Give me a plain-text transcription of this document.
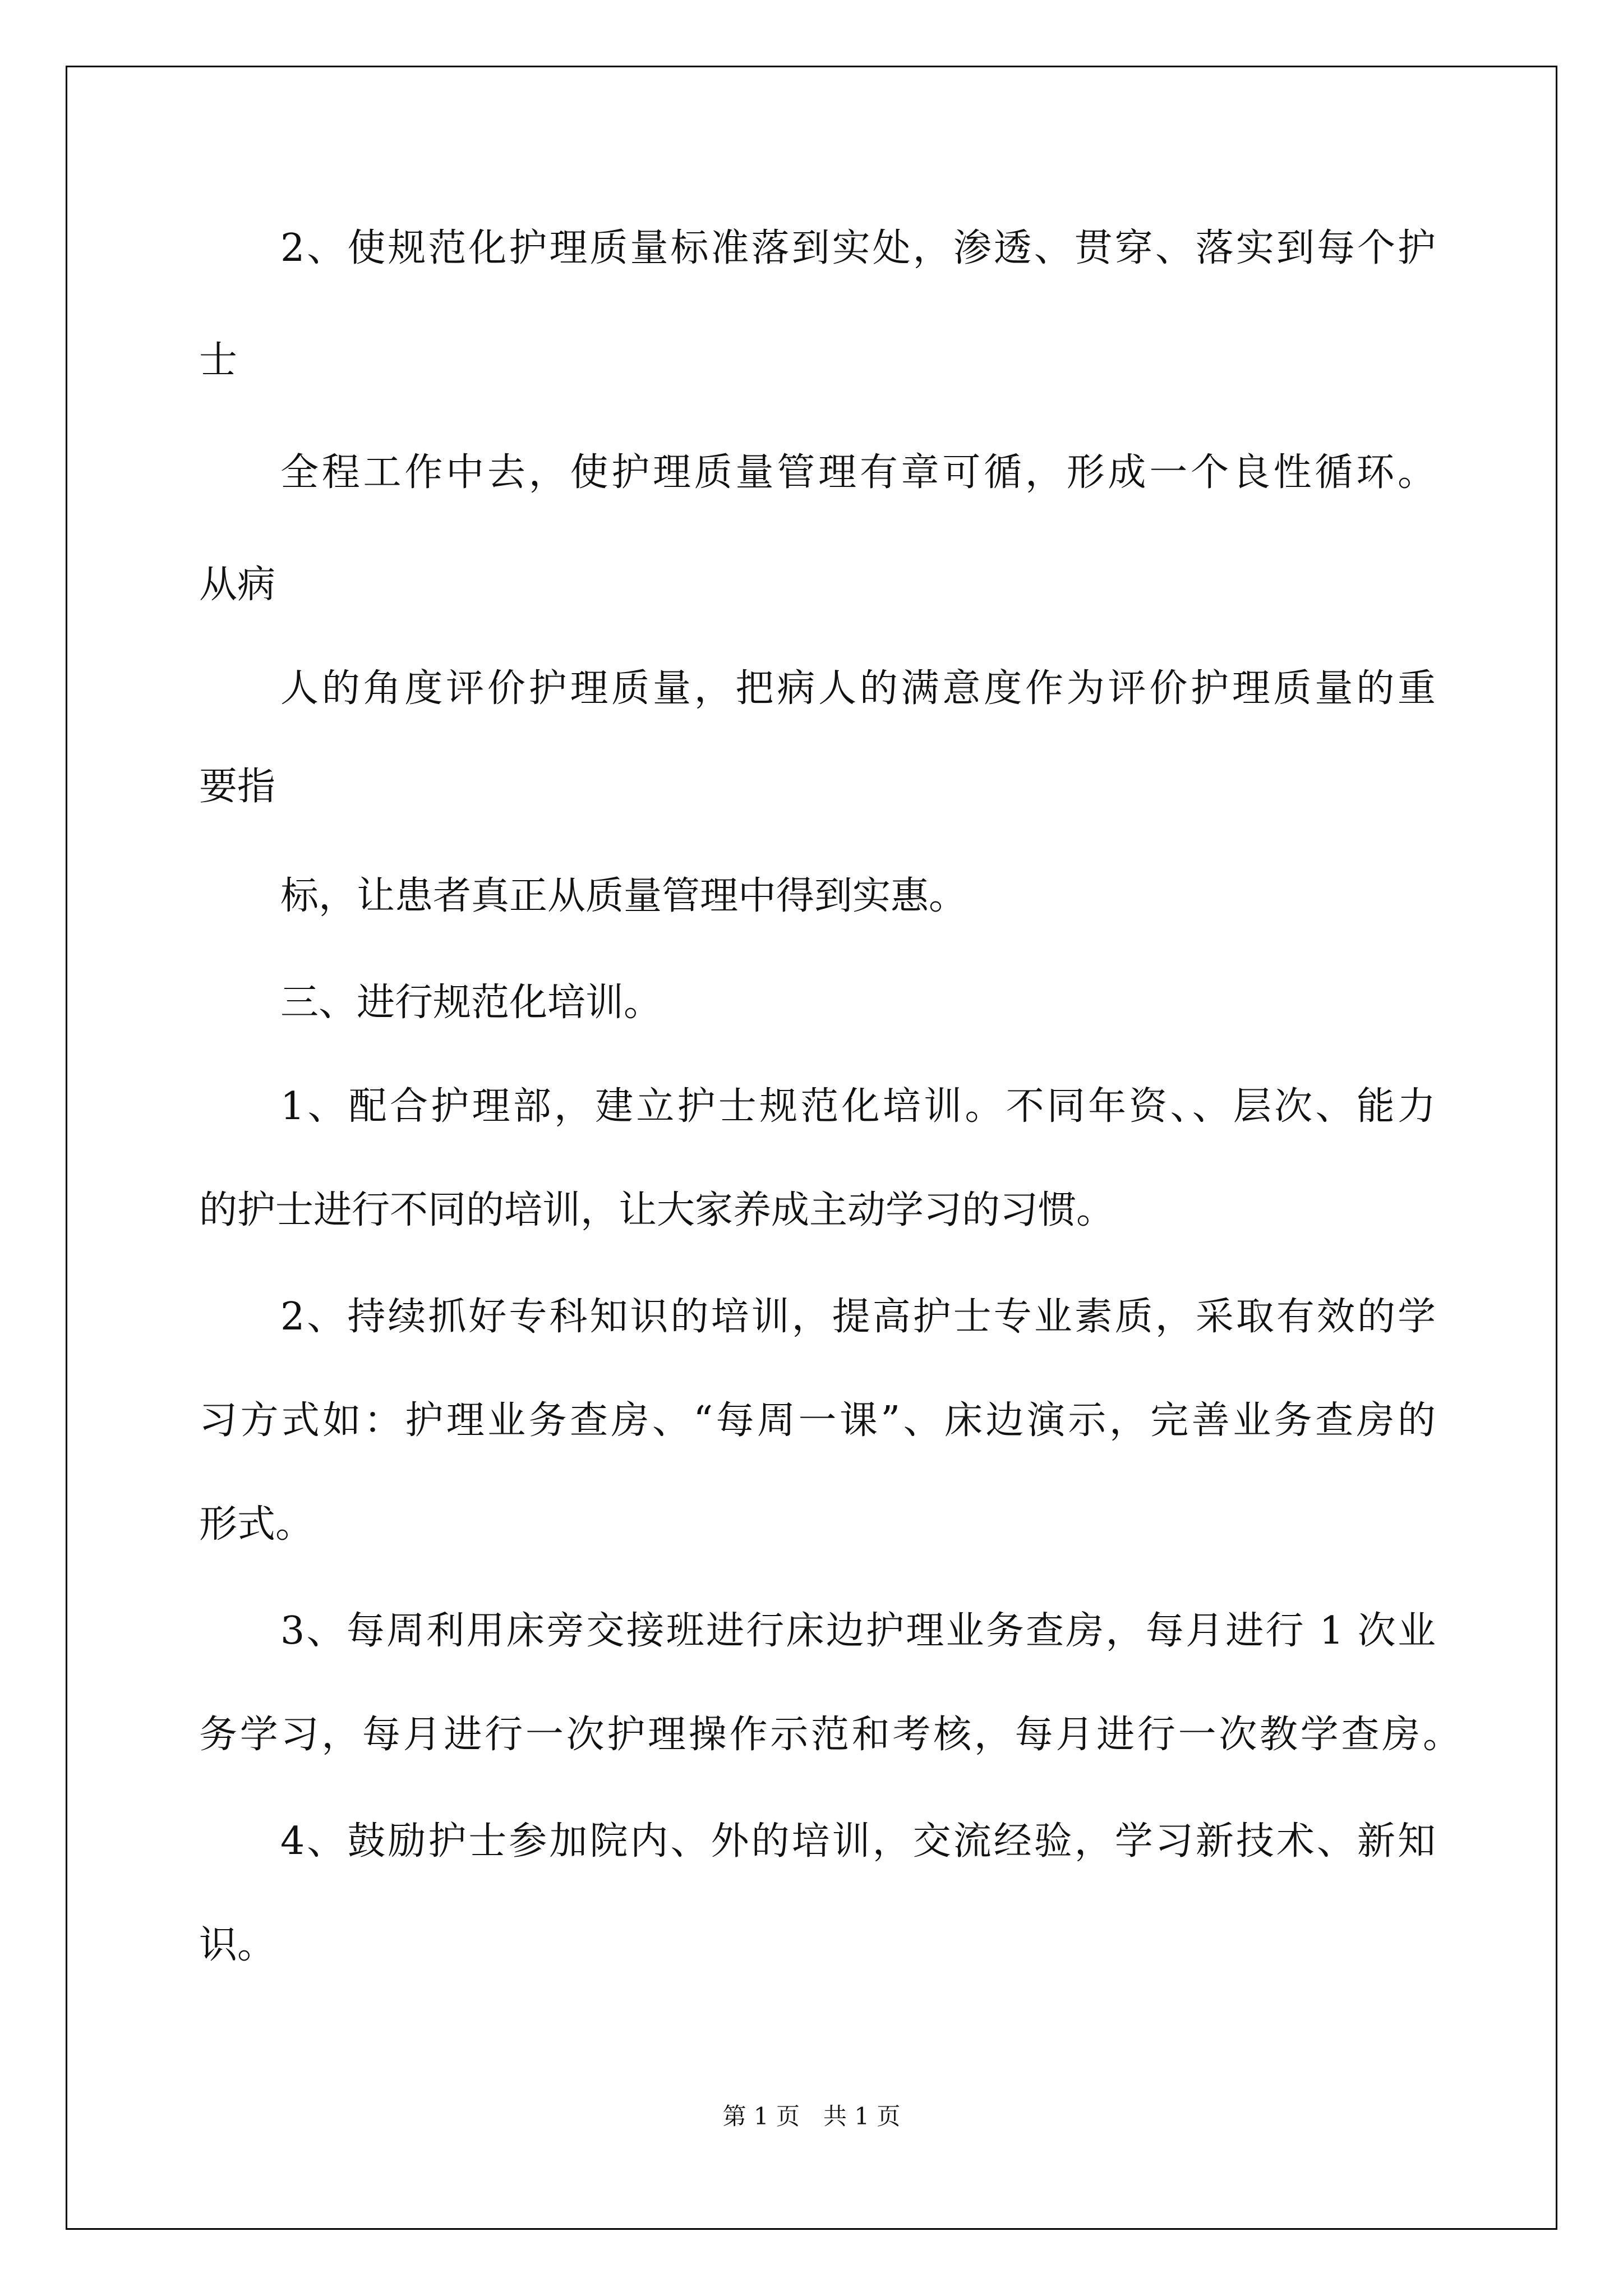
2、使规范化护理质量标准落到实处，渗透、贯穿、落实到每个护

士

全程工作中去，使护理质量管理有章可循，形成一个良性循环。

从病

人的角度评价护理质量，把病人的满意度作为评价护理质量的重

要指

标，让患者真正从质量管理中得到实惠。

三、进行规范化培训。

1、配合护理部，建立护士规范化培训。不同年资、、层次、能力

的护士进行不同的培训，让大家养成主动学习的习惯。

2、持续抓好专科知识的培训，提高护士专业素质，采取有效的学

习方式如：护理业务查房、“每周一课”、床边演示，完善业务查房的

形式。

3、每周利用床旁交接班进行床边护理业务查房，每月进行 1 次业

务学习，每月进行一次护理操作示范和考核，每月进行一次教学查房。

4、鼓励护士参加院内、外的培训，交流经验，学习新技术、新知

识。

第 1 页　共 1 页
